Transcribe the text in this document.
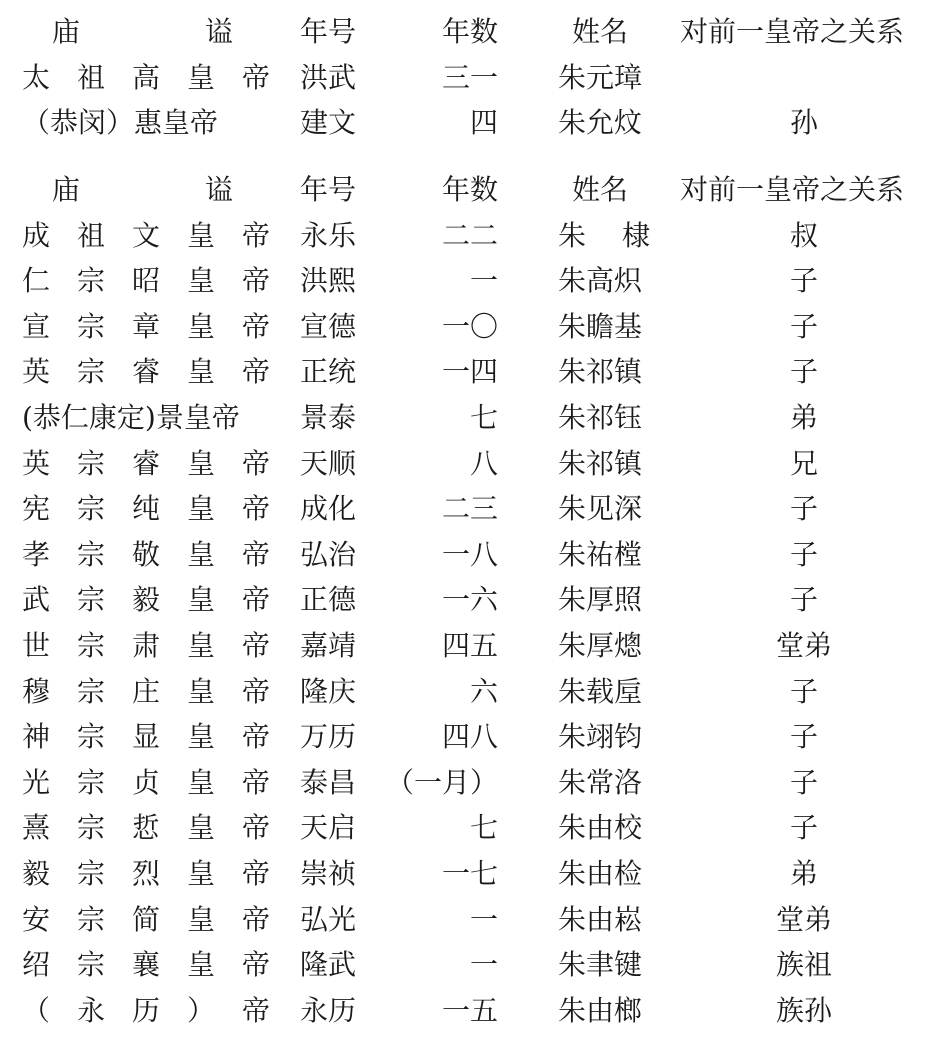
庙	谥 年号	年数	姓名	对前一皇帝之关系
太祖高皇帝 洪武	三一 朱元璋
（恭闵）惠皇帝	建文	四 朱允炆	孙
庙	谥 年号	年数	姓名	对前一皇帝之关系
成祖文皇帝 永乐	二二 朱棣	叔
仁宗昭皇帝 洪熙	一 朱高炽	子
宣宗章皇帝 宣德	一〇 朱瞻基	子
英宗睿皇帝 正统	一四 朱祁镇	子
(恭仁康定)景皇帝	景泰	七 朱祁钰	弟
英宗睿皇帝 天顺	八 朱祁镇	兄
宪宗纯皇帝 成化	二三 朱见深	子
孝宗敬皇帝 弘治	一八 朱祐樘	子
武宗毅皇帝 正德	一六 朱厚照	子
世宗肃皇帝 嘉靖	四五 朱厚熜	堂弟
穆宗庄皇帝 隆庆	六 朱载垕	子
神宗显皇帝 万历	四八 朱翊钧	子
光宗贞皇帝 泰昌	（一月） 朱常洛	子
熹宗悊皇帝 天启	七 朱由校	子
毅宗烈皇帝 崇祯	一七 朱由检	弟
安宗简皇帝 弘光	一 朱由崧	堂弟
绍宗襄皇帝 隆武	一 朱聿键	族祖
（永历）帝 永历	一五 朱由榔	族孙
